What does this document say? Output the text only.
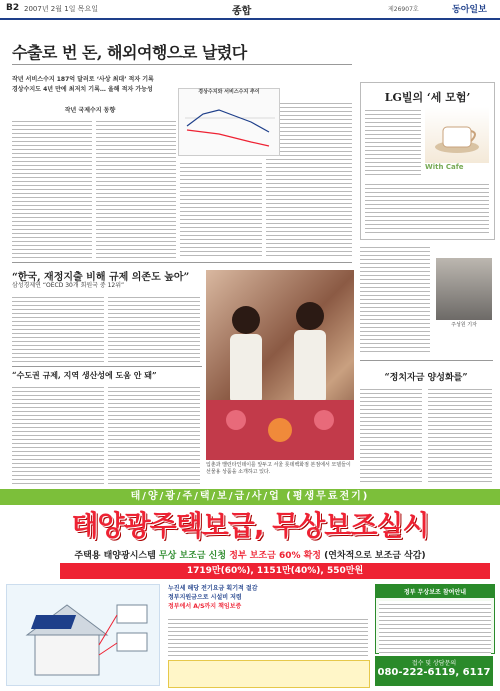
B2 2007년 2월 1일 목요일	종합	제26907호	동아일보
수출로 번 돈, 해외여행으로 날렸다
작년 서비스수지 187억 달러로 ‘사상 최대’ 적자 기록
경상수지도 4년 만에 최저치 기록… 올해 적자 가능성
작년 국제수지 동향
경상수지와 서비스수지 추이	LG빌의 ‘세 모험’
With Cafe
주성원 기자
“한국, 재정지출 비해 규제 의존도 높아”
삼성경제연 “OECD 30개 회원국 중 12위”
“수도권 규제, 지역 생산성에 도움 안 돼”
입춘과 밸런타인데이를 앞두고 서울 롯데백화점 본점에서 모델들이 선물용 상품을 소개하고 있다.
“정치자금 양성화를”
태/양/광/주/택/보/급/사/업 (평생무료전기)
태양광주택보급, 무상보조실시
주택용 태양광시스템 무상 보조금 신청 정부 보조금 60% 확정 (연차적으로 보조금 삭감)
1719만(60%), 1151만(40%), 550만원
누진세 해당 전기요금 획기적 절감
정부지원금으로 시설비 저렴
정부에서 A/S까지 책임보증
정부 무상보조 참여안내
접수 및 상담문의
080-222-6119, 6117
